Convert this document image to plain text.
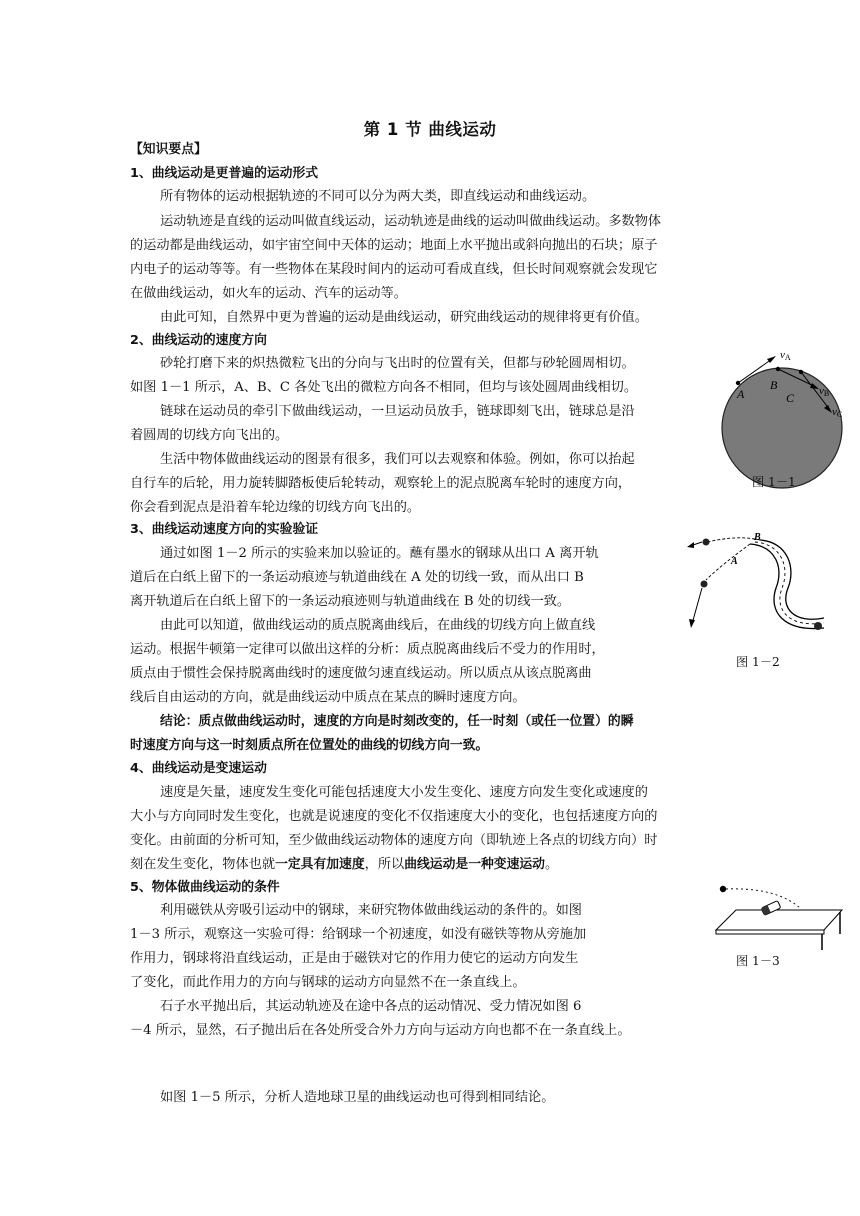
第 1 节 曲线运动
【知识要点】
1、曲线运动是更普遍的运动形式
所有物体的运动根据轨迹的不同可以分为两大类，即直线运动和曲线运动。
运动轨迹是直线的运动叫做直线运动，运动轨迹是曲线的运动叫做曲线运动。多数物体
的运动都是曲线运动，如宇宙空间中天体的运动；地面上水平抛出或斜向抛出的石块；原子
内电子的运动等等。有一些物体在某段时间内的运动可看成直线，但长时间观察就会发现它
在做曲线运动，如火车的运动、汽车的运动等。
由此可知，自然界中更为普遍的运动是曲线运动，研究曲线运动的规律将更有价值。
2、曲线运动的速度方向
砂轮打磨下来的炽热微粒飞出的分向与飞出时的位置有关，但都与砂轮圆周相切。
如图 1－1 所示，A、B、C 各处飞出的微粒方向各不相同，但均与该处圆周曲线相切。
链球在运动员的牵引下做曲线运动，一旦运动员放手，链球即刻飞出，链球总是沿
着圆周的切线方向飞出的。
生活中物体做曲线运动的图景有很多，我们可以去观察和体验。例如，你可以抬起
自行车的后轮，用力旋转脚踏板使后轮转动，观察轮上的泥点脱离车轮时的速度方向，
你会看到泥点是沿着车轮边缘的切线方向飞出的。
3、曲线运动速度方向的实验验证
通过如图 1－2 所示的实验来加以验证的。蘸有墨水的钢球从出口 A 离开轨
道后在白纸上留下的一条运动痕迹与轨道曲线在 A 处的切线一致，而从出口 B
离开轨道后在白纸上留下的一条运动痕迹则与轨道曲线在 B 处的切线一致。
由此可以知道，做曲线运动的质点脱离曲线后，在曲线的切线方向上做直线
运动。根据牛顿第一定律可以做出这样的分析：质点脱离曲线后不受力的作用时，
质点由于惯性会保持脱离曲线时的速度做匀速直线运动。所以质点从该点脱离曲
线后自由运动的方向，就是曲线运动中质点在某点的瞬时速度方向。
结论：质点做曲线运动时，速度的方向是时刻改变的，任一时刻（或任一位置）的瞬
时速度方向与这一时刻质点所在位置处的曲线的切线方向一致。
4、曲线运动是变速运动
速度是矢量，速度发生变化可能包括速度大小发生变化、速度方向发生变化或速度的
大小与方向同时发生变化，也就是说速度的变化不仅指速度大小的变化，也包括速度方向的
变化。由前面的分析可知，至少做曲线运动物体的速度方向（即轨迹上各点的切线方向）时
刻在发生变化，物体也就一定具有加速度，所以曲线运动是一种变速运动。
5、物体做曲线运动的条件
利用磁铁从旁吸引运动中的钢球，来研究物体做曲线运动的条件的。如图
1－3 所示，观察这一实验可得：给钢球一个初速度，如没有磁铁等物从旁施加
作用力，钢球将沿直线运动，正是由于磁铁对它的作用力使它的运动方向发生
了变化，而此作用力的方向与钢球的运动方向显然不在一条直线上。
石子水平抛出后，其运动轨迹及在途中各点的运动情况、受力情况如图 6
－4 所示，显然，石子抛出后在各处所受合外力方向与运动方向也都不在一条直线上。
如图 1－5 所示，分析人造地球卫星的曲线运动也可得到相同结论。
A
B
C
vA
vB
vC
图 1－1
B
A
图 1－2
图 1－3
